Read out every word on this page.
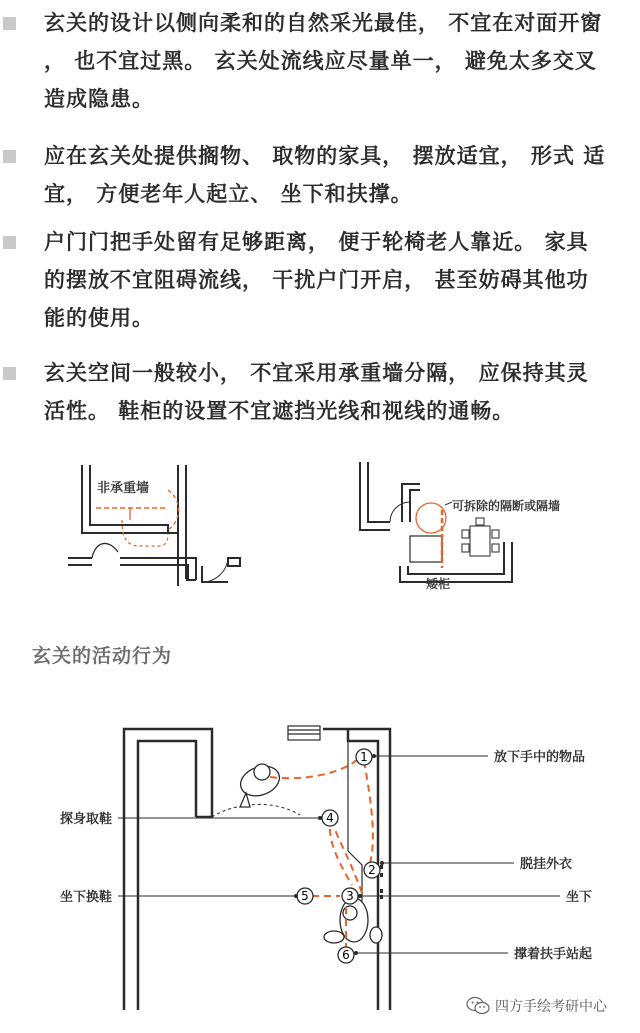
玄关的设计以侧向柔和的自然采光最佳， 不宜在对面开窗 ， 也不宜过黑。 玄关处流线应尽量单一， 避免太多交叉 造成隐患。
应在玄关处提供搁物、 取物的家具， 摆放适宜， 形式 适宜， 方便老年人起立、 坐下和扶撑。
户门门把手处留有足够距离， 便于轮椅老人靠近。 家具 的摆放不宜阻碍流线， 干扰户门开启， 甚至妨碍其他功 能的使用。
玄关空间一般较小， 不宜采用承重墙分隔， 应保持其灵 活性。 鞋柜的设置不宜遮挡光线和视线的通畅。
非承重墙
可拆除的隔断或隔墙
矮柜
玄关的活动行为
1
2
3
4
5
6
放下手中的物品
探身取鞋
脱挂外衣
坐下换鞋	坐下
撑着扶手站起
四方手绘考研中心
